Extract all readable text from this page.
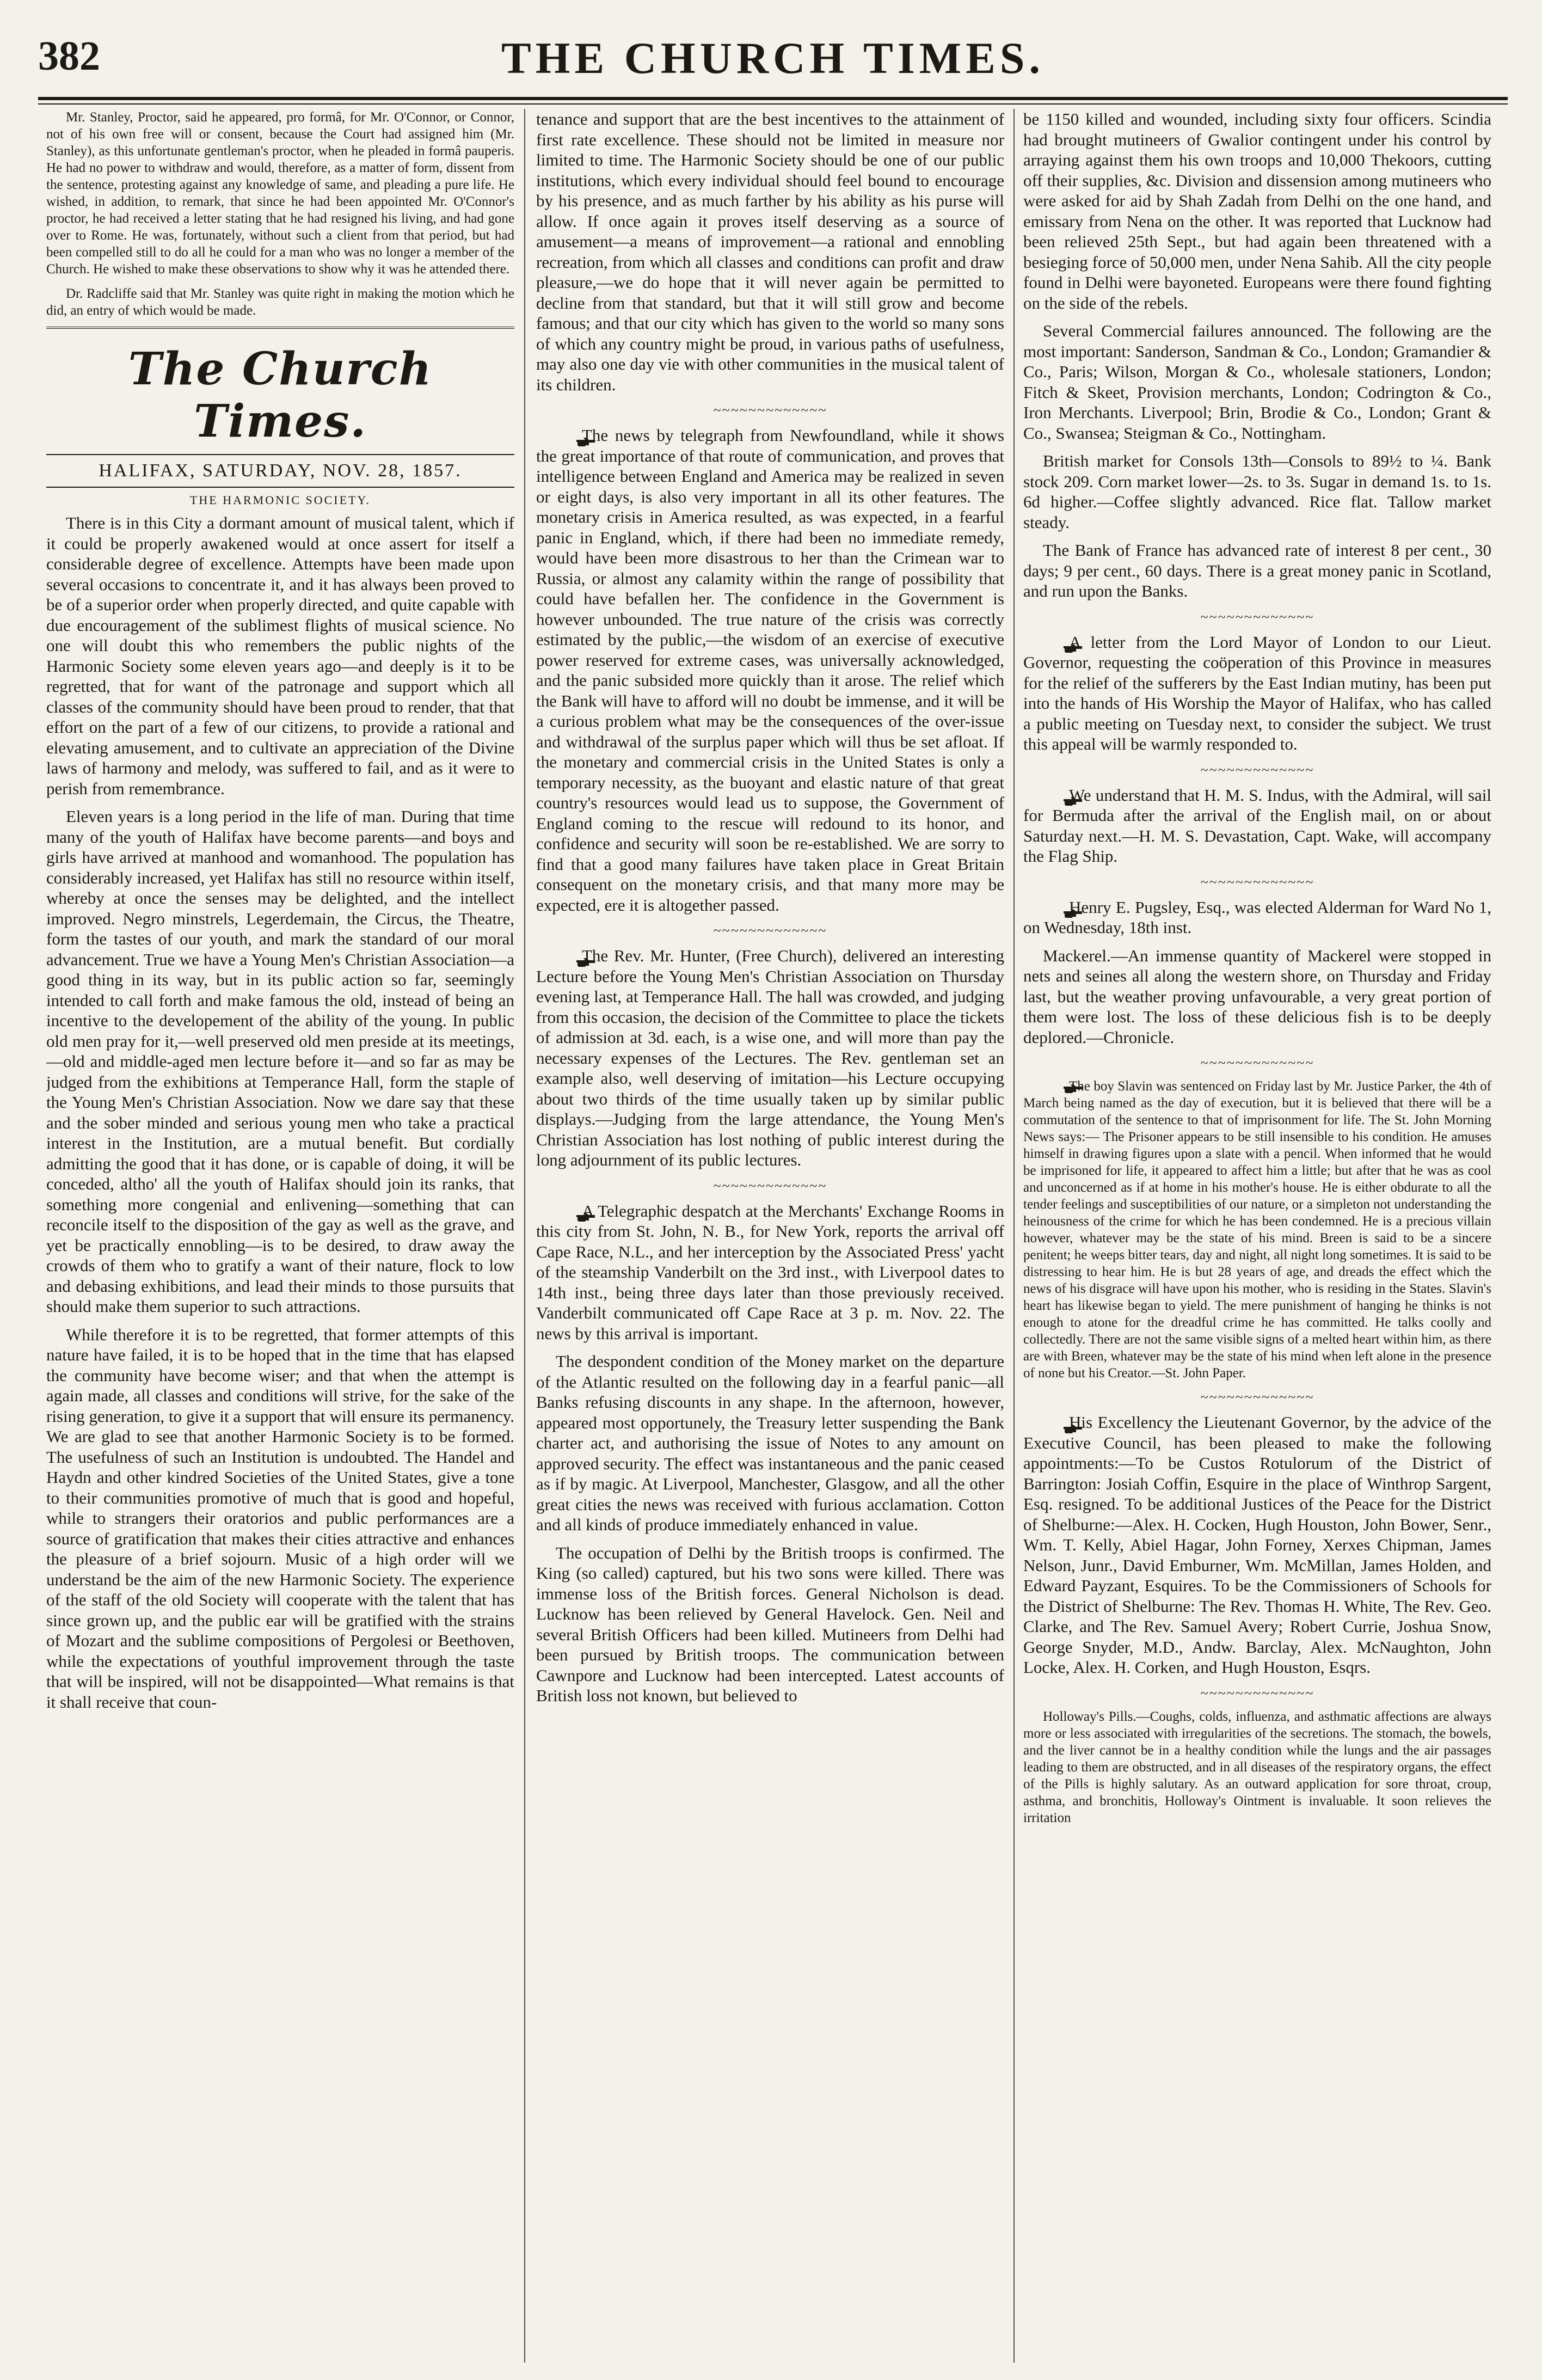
382	THE CHURCH TIMES.

Mr. Stanley, Proctor, said he appeared, pro formâ, for Mr. O'Connor, or Connor, not of his own free will or consent, because the Court had assigned him (Mr. Stanley), as this unfortunate gentleman's proctor, when he pleaded in formâ pauperis. He had no power to withdraw and would, therefore, as a matter of form, dissent from the sentence, protesting against any knowledge of same, and pleading a pure life. He wished, in addition, to remark, that since he had been appointed Mr. O'Connor's proctor, he had received a letter stating that he had resigned his living, and had gone over to Rome. He was, fortunately, without such a client from that period, but had been compelled still to do all he could for a man who was no longer a member of the Church. He wished to make these observations to show why it was he attended there.

Dr. Radcliffe said that Mr. Stanley was quite right in making the motion which he did, an entry of which would be made.

The Church Times.
HALIFAX, SATURDAY, NOV. 28, 1857.
THE HARMONIC SOCIETY.

There is in this City a dormant amount of musical talent, which if it could be properly awakened would at once assert for itself a considerable degree of excellence. Attempts have been made upon several occasions to concentrate it, and it has always been proved to be of a superior order when properly directed, and quite capable with due encouragement of the sublimest flights of musical science. No one will doubt this who remembers the public nights of the Harmonic Society some eleven years ago—and deeply is it to be regretted, that for want of the patronage and support which all classes of the community should have been proud to render, that that effort on the part of a few of our citizens, to provide a rational and elevating amusement, and to cultivate an appreciation of the Divine laws of harmony and melody, was suffered to fail, and as it were to perish from remembrance.

Eleven years is a long period in the life of man. During that time many of the youth of Halifax have become parents—and boys and girls have arrived at manhood and womanhood. The population has considerably increased, yet Halifax has still no resource within itself, whereby at once the senses may be delighted, and the intellect improved. Negro minstrels, Legerdemain, the Circus, the Theatre, form the tastes of our youth, and mark the standard of our moral advancement. True we have a Young Men's Christian Association—a good thing in its way, but in its public action so far, seemingly intended to call forth and make famous the old, instead of being an incentive to the developement of the ability of the young. In public old men pray for it,—well preserved old men preside at its meetings,—old and middle-aged men lecture before it—and so far as may be judged from the exhibitions at Temperance Hall, form the staple of the Young Men's Christian Association. Now we dare say that these and the sober minded and serious young men who take a practical interest in the Institution, are a mutual benefit. But cordially admitting the good that it has done, or is capable of doing, it will be conceded, altho' all the youth of Halifax should join its ranks, that something more congenial and enlivening—something that can reconcile itself to the disposition of the gay as well as the grave, and yet be practically ennobling—is to be desired, to draw away the crowds of them who to gratify a want of their nature, flock to low and debasing exhibitions, and lead their minds to those pursuits that should make them superior to such attractions.

While therefore it is to be regretted, that former attempts of this nature have failed, it is to be hoped that in the time that has elapsed the community have become wiser; and that when the attempt is again made, all classes and conditions will strive, for the sake of the rising generation, to give it a support that will ensure its permanency. We are glad to see that another Harmonic Society is to be formed. The usefulness of such an Institution is undoubted. The Handel and Haydn and other kindred Societies of the United States, give a tone to their communities promotive of much that is good and hopeful, while to strangers their oratorios and public performances are a source of gratification that makes their cities attractive and enhances the pleasure of a brief sojourn. Music of a high order will we understand be the aim of the new Harmonic Society. The experience of the staff of the old Society will cooperate with the talent that has since grown up, and the public ear will be gratified with the strains of Mozart and the sublime compositions of Pergolesi or Beethoven, while the expectations of youthful improvement through the taste that will be inspired, will not be disappointed—What remains is that it shall receive that coun-

tenance and support that are the best incentives to the attainment of first rate excellence. These should not be limited in measure nor limited to time. The Harmonic Society should be one of our public institutions, which every individual should feel bound to encourage by his presence, and as much farther by his ability as his purse will allow. If once again it proves itself deserving as a source of amusement—a means of improvement—a rational and ennobling recreation, from which all classes and conditions can profit and draw pleasure,—we do hope that it will never again be permitted to decline from that standard, but that it will still grow and become famous; and that our city which has given to the world so many sons of which any country might be proud, in various paths of usefulness, may also one day vie with other communities in the musical talent of its children.

~~~~~~~~~~~~~

The news by telegraph from Newfoundland, while it shows the great importance of that route of communication, and proves that intelligence between England and America may be realized in seven or eight days, is also very important in all its other features. The monetary crisis in America resulted, as was expected, in a fearful panic in England, which, if there had been no immediate remedy, would have been more disastrous to her than the Crimean war to Russia, or almost any calamity within the range of possibility that could have befallen her. The confidence in the Government is however unbounded. The true nature of the crisis was correctly estimated by the public,—the wisdom of an exercise of executive power reserved for extreme cases, was universally acknowledged, and the panic subsided more quickly than it arose. The relief which the Bank will have to afford will no doubt be immense, and it will be a curious problem what may be the consequences of the over-issue and withdrawal of the surplus paper which will thus be set afloat. If the monetary and commercial crisis in the United States is only a temporary necessity, as the buoyant and elastic nature of that great country's resources would lead us to suppose, the Government of England coming to the rescue will redound to its honor, and confidence and security will soon be re-established. We are sorry to find that a good many failures have taken place in Great Britain consequent on the monetary crisis, and that many more may be expected, ere it is altogether passed.

~~~~~~~~~~~~~

The Rev. Mr. Hunter, (Free Church), delivered an interesting Lecture before the Young Men's Christian Association on Thursday evening last, at Temperance Hall. The hall was crowded, and judging from this occasion, the decision of the Committee to place the tickets of admission at 3d. each, is a wise one, and will more than pay the necessary expenses of the Lectures. The Rev. gentleman set an example also, well deserving of imitation—his Lecture occupying about two thirds of the time usually taken up by similar public displays.—Judging from the large attendance, the Young Men's Christian Association has lost nothing of public interest during the long adjournment of its public lectures.

~~~~~~~~~~~~~

A Telegraphic despatch at the Merchants' Exchange Rooms in this city from St. John, N. B., for New York, reports the arrival off Cape Race, N.L., and her interception by the Associated Press' yacht of the steamship Vanderbilt on the 3rd inst., with Liverpool dates to 14th inst., being three days later than those previously received. Vanderbilt communicated off Cape Race at 3 p. m. Nov. 22. The news by this arrival is important.

The despondent condition of the Money market on the departure of the Atlantic resulted on the following day in a fearful panic—all Banks refusing discounts in any shape. In the afternoon, however, appeared most opportunely, the Treasury letter suspending the Bank charter act, and authorising the issue of Notes to any amount on approved security. The effect was instantaneous and the panic ceased as if by magic. At Liverpool, Manchester, Glasgow, and all the other great cities the news was received with furious acclamation. Cotton and all kinds of produce immediately enhanced in value.

The occupation of Delhi by the British troops is confirmed. The King (so called) captured, but his two sons were killed. There was immense loss of the British forces. General Nicholson is dead. Lucknow has been relieved by General Havelock. Gen. Neil and several British Officers had been killed. Mutineers from Delhi had been pursued by British troops. The communication between Cawnpore and Lucknow had been intercepted. Latest accounts of British loss not known, but believed to

be 1150 killed and wounded, including sixty four officers. Scindia had brought mutineers of Gwalior contingent under his control by arraying against them his own troops and 10,000 Thekoors, cutting off their supplies, &c. Division and dissension among mutineers who were asked for aid by Shah Zadah from Delhi on the one hand, and emissary from Nena on the other. It was reported that Lucknow had been relieved 25th Sept., but had again been threatened with a besieging force of 50,000 men, under Nena Sahib. All the city people found in Delhi were bayoneted. Europeans were there found fighting on the side of the rebels.

Several Commercial failures announced. The following are the most important: Sanderson, Sandman & Co., London; Gramandier & Co., Paris; Wilson, Morgan & Co., wholesale stationers, London; Fitch & Skeet, Provision merchants, London; Codrington & Co., Iron Merchants. Liverpool; Brin, Brodie & Co., London; Grant & Co., Swansea; Steigman & Co., Nottingham.

British market for Consols 13th—Consols to 89½ to ¼. Bank stock 209. Corn market lower—2s. to 3s. Sugar in demand 1s. to 1s. 6d higher.—Coffee slightly advanced. Rice flat. Tallow market steady.

The Bank of France has advanced rate of interest 8 per cent., 30 days; 9 per cent., 60 days. There is a great money panic in Scotland, and run upon the Banks.

~~~~~~~~~~~~~

A letter from the Lord Mayor of London to our Lieut. Governor, requesting the coöperation of this Province in measures for the relief of the sufferers by the East Indian mutiny, has been put into the hands of His Worship the Mayor of Halifax, who has called a public meeting on Tuesday next, to consider the subject. We trust this appeal will be warmly responded to.

~~~~~~~~~~~~~

We understand that H. M. S. Indus, with the Admiral, will sail for Bermuda after the arrival of the English mail, on or about Saturday next.—H. M. S. Devastation, Capt. Wake, will accompany the Flag Ship.

~~~~~~~~~~~~~

Henry E. Pugsley, Esq., was elected Alderman for Ward No 1, on Wednesday, 18th inst.

Mackerel.—An immense quantity of Mackerel were stopped in nets and seines all along the western shore, on Thursday and Friday last, but the weather proving unfavourable, a very great portion of them were lost. The loss of these delicious fish is to be deeply deplored.—Chronicle.

~~~~~~~~~~~~~

The boy Slavin was sentenced on Friday last by Mr. Justice Parker, the 4th of March being named as the day of execution, but it is believed that there will be a commutation of the sentence to that of imprisonment for life. The St. John Morning News says:— The Prisoner appears to be still insensible to his condition. He amuses himself in drawing figures upon a slate with a pencil. When informed that he would be imprisoned for life, it appeared to affect him a little; but after that he was as cool and unconcerned as if at home in his mother's house. He is either obdurate to all the tender feelings and susceptibilities of our nature, or a simpleton not understanding the heinousness of the crime for which he has been condemned. He is a precious villain however, whatever may be the state of his mind. Breen is said to be a sincere penitent; he weeps bitter tears, day and night, all night long sometimes. It is said to be distressing to hear him. He is but 28 years of age, and dreads the effect which the news of his disgrace will have upon his mother, who is residing in the States. Slavin's heart has likewise began to yield. The mere punishment of hanging he thinks is not enough to atone for the dreadful crime he has committed. He talks coolly and collectedly. There are not the same visible signs of a melted heart within him, as there are with Breen, whatever may be the state of his mind when left alone in the presence of none but his Creator.—St. John Paper.

~~~~~~~~~~~~~

His Excellency the Lieutenant Governor, by the advice of the Executive Council, has been pleased to make the following appointments:—To be Custos Rotulorum of the District of Barrington: Josiah Coffin, Esquire in the place of Winthrop Sargent, Esq. resigned. To be additional Justices of the Peace for the District of Shelburne:—Alex. H. Cocken, Hugh Houston, John Bower, Senr., Wm. T. Kelly, Abiel Hagar, John Forney, Xerxes Chipman, James Nelson, Junr., David Emburner, Wm. McMillan, James Holden, and Edward Payzant, Esquires. To be the Commissioners of Schools for the District of Shelburne: The Rev. Thomas H. White, The Rev. Geo. Clarke, and The Rev. Samuel Avery; Robert Currie, Joshua Snow, George Snyder, M.D., Andw. Barclay, Alex. McNaughton, John Locke, Alex. H. Corken, and Hugh Houston, Esqrs.

~~~~~~~~~~~~~

Holloway's Pills.—Coughs, colds, influenza, and asthmatic affections are always more or less associated with irregularities of the secretions. The stomach, the bowels, and the liver cannot be in a healthy condition while the lungs and the air passages leading to them are obstructed, and in all diseases of the respiratory organs, the effect of the Pills is highly salutary. As an outward application for sore throat, croup, asthma, and bronchitis, Holloway's Ointment is invaluable. It soon relieves the irritation
